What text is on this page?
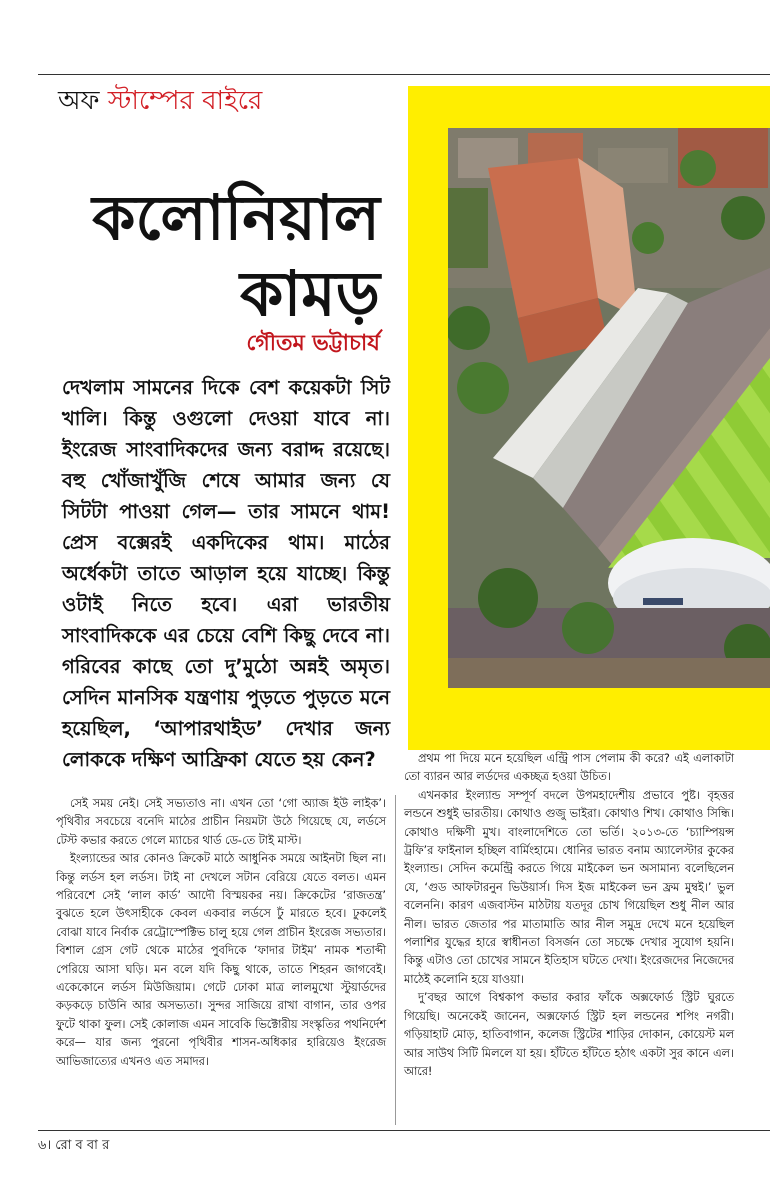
অফ স্টাম্পের বাইরে
কলোনিয়াল
কামড়
গৌতম ভট্টাচার্য
দেখলাম সামনের দিকে বেশ কয়েকটা সিট খালি। কিন্তু ওগুলো দেওয়া যাবে না। ইংরেজ সাংবাদিকদের জন্য বরাদ্দ রয়েছে। বহু খোঁজাখুঁজি শেষে আমার জন্য যে সিটটা পাওয়া গেল— তার সামনে থাম! প্রেস বক্সেরই একদিকের থাম। মাঠের অর্ধেকটা তাতে আড়াল হয়ে যাচ্ছে। কিন্তু ওটাই নিতে হবে। এরা ভারতীয় সাংবাদিককে এর চেয়ে বেশি কিছু দেবে না। গরিবের কাছে তো দু’মুঠো অন্নই অমৃত। সেদিন মানসিক যন্ত্রণায় পুড়তে পুড়তে মনে হয়েছিল, ‘আপারথাইড’ দেখার জন্য লোককে দক্ষিণ আফ্রিকা যেতে হয় কেন?

সেই সময় নেই। সেই সভ্যতাও না। এখন তো ‘গো অ্যাজ ইউ লাইক’। পৃথিবীর সবচেয়ে বনেদি মাঠের প্রাচীন নিয়মটা উঠে গিয়েছে যে, লর্ডসে টেস্ট কভার করতে গেলে ম্যাচের থার্ড ডে-তে টাই মাস্ট।

ইংল্যান্ডের আর কোনও ক্রিকেট মাঠে আধুনিক সময়ে আইনটা ছিল না। কিন্তু লর্ডস হল লর্ডস। টাই না দেখলে সটান বেরিয়ে যেতে বলত। এমন পরিবেশে সেই ‘লাল কার্ড’ আদৌ বিস্ময়কর নয়। ক্রিকেটের ‘রাজতন্ত্র’ বুঝতে হলে উৎসাহীকে কেবল একবার লর্ডসে ঢুঁ মারতে হবে। ঢুকলেই বোঝা যাবে নির্বাক রেট্রোস্পেক্টিভ চালু হয়ে গেল প্রাচীন ইংরেজ সভ্যতার। বিশাল গ্রেস গেট থেকে মাঠের পুবদিকে ‘ফাদার টাইম’ নামক শতাব্দী পেরিয়ে আসা ঘড়ি। মন বলে যদি কিছু থাকে, তাতে শিহরন জাগবেই। একেকোনে লর্ডস মিউজিয়াম। গেটে ঢোকা মাত্র লালমুখো স্টুয়ার্ডদের কড়কড়ে চাউনি আর অসভ্যতা। সুন্দর সাজিয়ে রাখা বাগান, তার ওপর ফুটে থাকা ফুল। সেই কোলাজ এমন সাবেকি ভিক্টোরীয় সংস্কৃতির পথনির্দেশ করে— যার জন্য পুরনো পৃথিবীর শাসন-অধিকার হারিয়েও ইংরেজ আভিজাত্যের এখনও এত সমাদর।

প্রথম পা দিয়ে মনে হয়েছিল এন্ট্রি পাস পেলাম কী করে? এই এলাকাটা তো ব্যারন আর লর্ডদের একচ্ছত্র হওয়া উচিত।

এখনকার ইংল্যান্ড সম্পূর্ণ বদলে উপমহাদেশীয় প্রভাবে পুষ্ট। বৃহত্তর লন্ডনে শুধুই ভারতীয়। কোথাও গুজু ভাইরা। কোথাও শিখ। কোথাও সিন্ধি। কোথাও দক্ষিণী মুখ। বাংলাদেশিতে তো ভর্তি। ২০১৩-তে ‘চ্যাম্পিয়ন্স ট্রফি’র ফাইনাল হচ্ছিল বার্মিংহামে। ধোনির ভারত বনাম অ্যালেস্টার কুকের ইংল্যান্ড। সেদিন কমেন্ট্রি করতে গিয়ে মাইকেল ভন অসামান্য বলেছিলেন যে, ‘গুড আফটারনুন ভিউয়ার্স। দিস ইজ মাইকেল ভন ফ্রম মুম্বই।’ ভুল বলেননি। কারণ এজবাস্টন মাঠটায় যতদূর চোখ গিয়েছিল শুধু নীল আর নীল। ভারত জেতার পর মাতামাতি আর নীল সমুদ্র দেখে মনে হয়েছিল পলাশির যুদ্ধের হারে স্বাধীনতা বিসর্জন তো সচক্ষে দেখার সুযোগ হয়নি। কিন্তু এটাও তো চোখের সামনে ইতিহাস ঘটতে দেখা। ইংরেজদের নিজেদের মাঠেই কলোনি হয়ে যাওয়া।

দু’বছর আগে বিশ্বকাপ কভার করার ফাঁকে অক্সফোর্ড স্ট্রিট ঘুরতে গিয়েছি। অনেকেই জানেন, অক্সফোর্ড স্ট্রিট হল লন্ডনের শপিং নগরী। গড়িয়াহাট মোড়, হাতিবাগান, কলেজ স্ট্রিটের শাড়ির দোকান, কোয়েস্ট মল আর সাউথ সিটি মিললে যা হয়। হাঁটতে হাঁটতে হঠাৎ একটা সুর কানে এল। আরে!

৬। রো ব বা র
